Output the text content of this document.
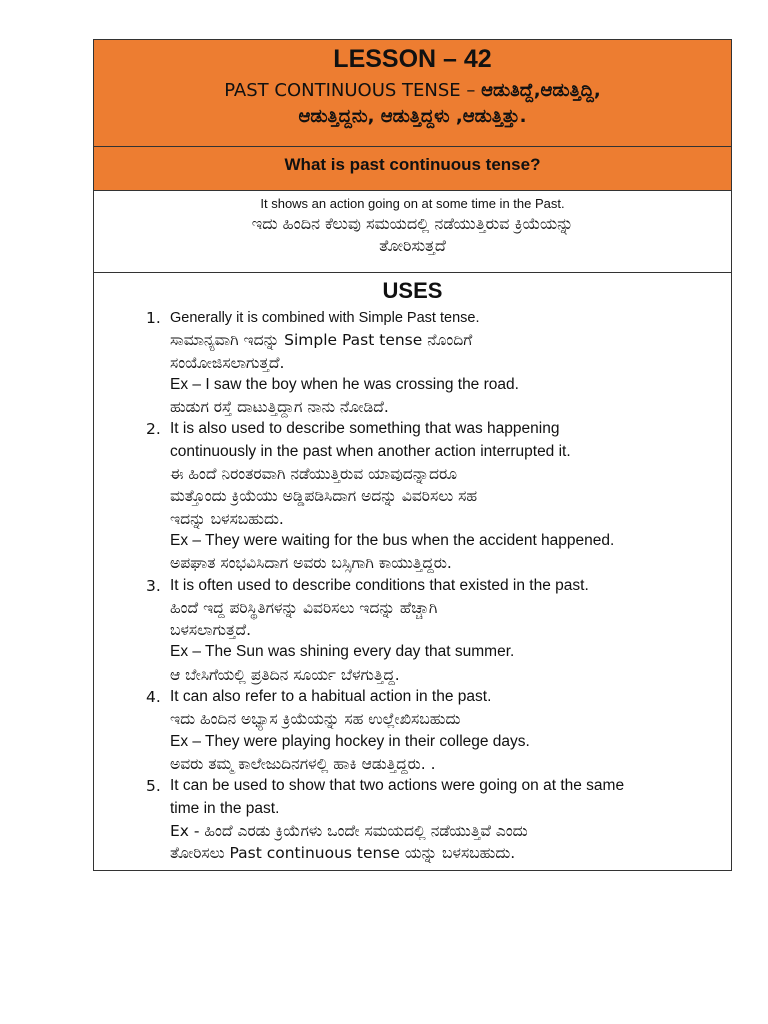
LESSON – 42
PAST CONTINUOUS TENSE – ಆಡುತಿದ್ದೆ,ಆಡುತ್ತಿದ್ದಿ,
ಆಡುತ್ತಿದ್ದನು, ಆಡುತ್ತಿದ್ದಳು ,ಆಡುತ್ತಿತ್ತು.
What is past continuous tense?
It shows an action going on at some time in the Past.
ಇದು ಹಿಂದಿನ ಕೆಲುವು ಸಮಯದಲ್ಲಿ ನಡೆಯುತ್ತಿರುವ ಕ್ರಿಯೆಯನ್ನು
ತೋರಿಸುತ್ತದೆ
USES
1. Generally it is combined with Simple Past tense.
ಸಾಮಾನ್ಯವಾಗಿ ಇದನ್ನು Simple Past tense ನೊಂದಿಗೆ
ಸಂಯೋಜಿಸಲಾಗುತ್ತದೆ.
Ex – I saw the boy when he was crossing the road.
ಹುಡುಗ ರಸ್ತೆ ದಾಟುತ್ತಿದ್ದಾಗ ನಾನು ನೋಡಿದೆ.
2. It is also used to describe something that was happening
continuously in the past when another action interrupted it.
ಈ ಹಿಂದೆ ನಿರಂತರವಾಗಿ ನಡೆಯುತ್ತಿರುವ ಯಾವುದನ್ನಾದರೂ
ಮತ್ತೊಂದು ಕ್ರಿಯೆಯು ಅಡ್ಡಿಪಡಿಸಿದಾಗ ಅದನ್ನು ವಿವರಿಸಲು ಸಹ
ಇದನ್ನು ಬಳಸಬಹುದು.
Ex – They were waiting for the bus when the accident happened.
ಅಪಘಾತ ಸಂಭವಿಸಿದಾಗ ಅವರು ಬಸ್ಸಿಗಾಗಿ ಕಾಯುತ್ತಿದ್ದರು.
3. It is often used to describe conditions that existed in the past.
ಹಿಂದೆ ಇದ್ದ ಪರಿಸ್ಥಿತಿಗಳನ್ನು ವಿವರಿಸಲು ಇದನ್ನು ಹೆಚ್ಚಾಗಿ
ಬಳಸಲಾಗುತ್ತದೆ.
Ex – The Sun was shining every day that summer.
ಆ ಬೇಸಿಗೆಯಲ್ಲಿ ಪ್ರತಿದಿನ ಸೂರ್ಯ ಬೆಳಗುತ್ತಿದ್ದ.
4. It can also refer to a habitual action in the past.
ಇದು ಹಿಂದಿನ ಅಭ್ಯಾಸ ಕ್ರಿಯೆಯನ್ನು ಸಹ ಉಲ್ಲೇಖಿಸಬಹುದು
Ex – They were playing hockey in their college days.
ಅವರು ತಮ್ಮ ಕಾಲೇಜುದಿನಗಳಲ್ಲಿ ಹಾಕಿ ಆಡುತ್ತಿದ್ದರು. .
5. It can be used to show that two actions were going on at the same
time in the past.
Ex - ಹಿಂದೆ ಎರಡು ಕ್ರಿಯೆಗಳು ಒಂದೇ ಸಮಯದಲ್ಲಿ ನಡೆಯುತ್ತಿವೆ ಎಂದು
ತೋರಿಸಲು Past continuous tense ಯನ್ನು ಬಳಸಬಹುದು.
